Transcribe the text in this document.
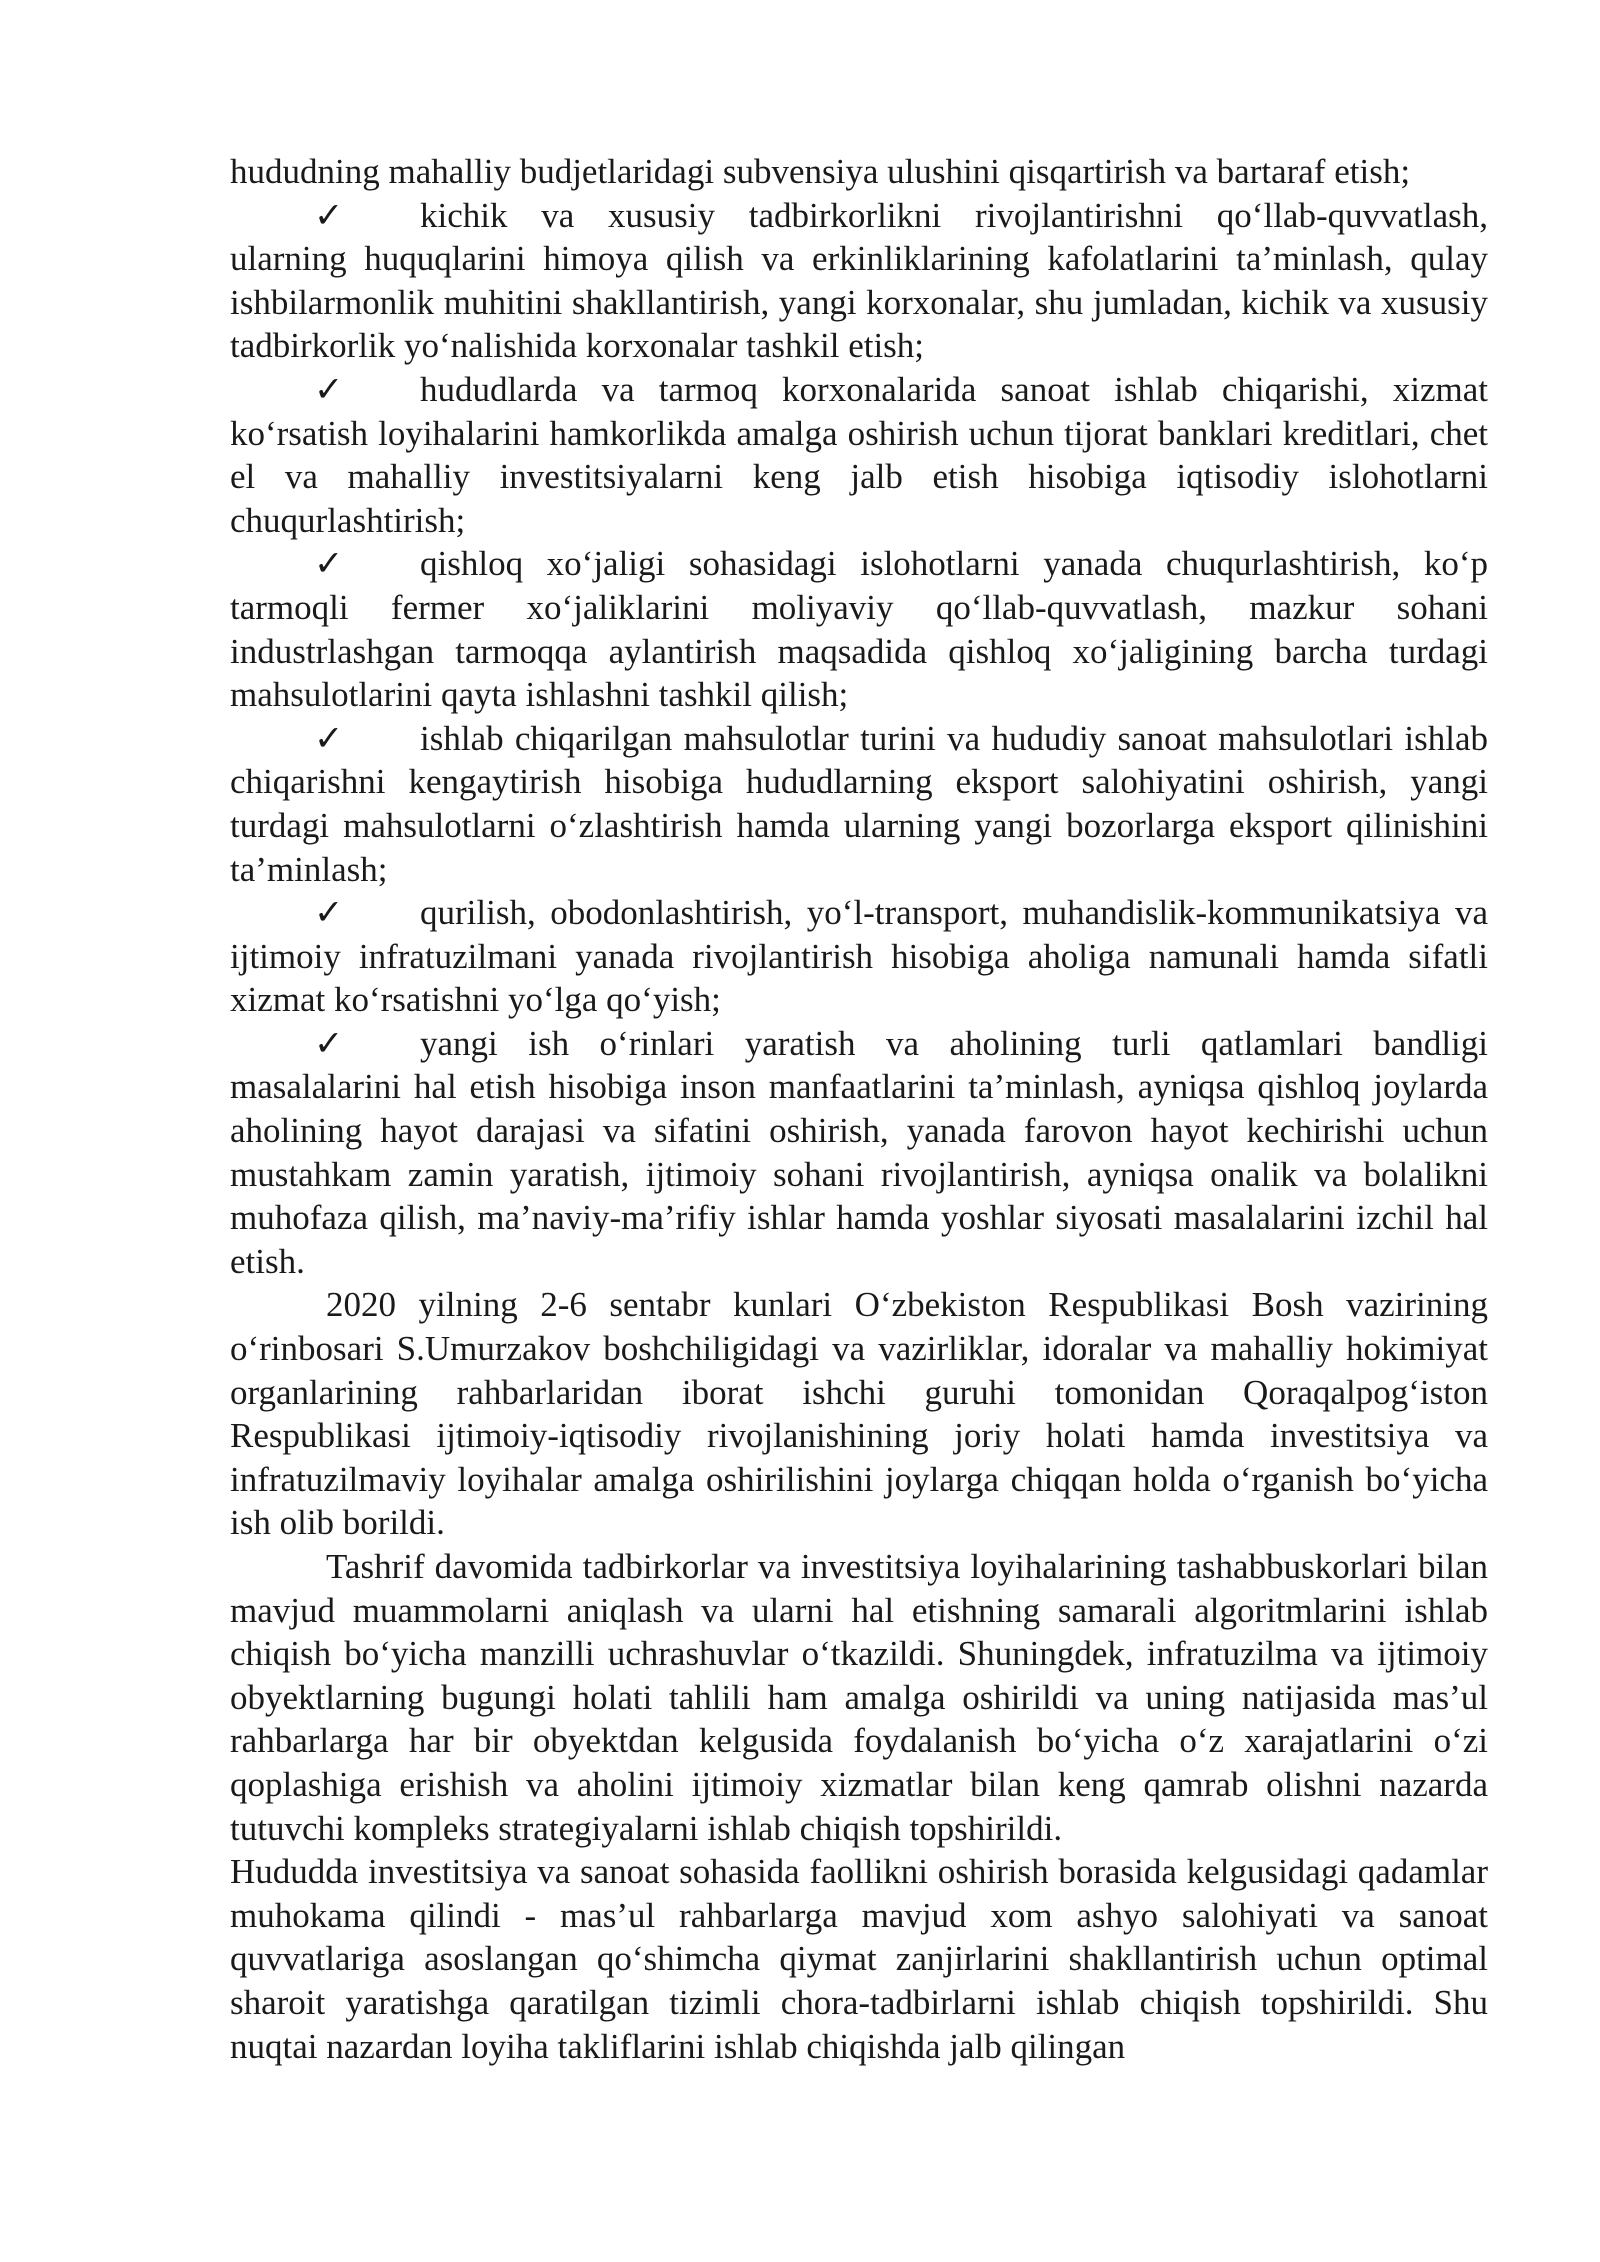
hududning mahalliy budjetlaridagi subvensiya ulushini qisqartirish va bartaraf etish;

✓ kichik va xususiy tadbirkorlikni rivojlantirishni qo‘llab-quvvatlash, ularning huquqlarini himoya qilish va erkinliklarining kafolatlarini ta’minlash, qulay ishbilarmonlik muhitini shakllantirish, yangi korxonalar, shu jumladan, kichik va xususiy tadbirkorlik yo‘nalishida korxonalar tashkil etish;

✓ hududlarda va tarmoq korxonalarida sanoat ishlab chiqarishi, xizmat ko‘rsatish loyihalarini hamkorlikda amalga oshirish uchun tijorat banklari kreditlari, chet el va mahalliy investitsiyalarni keng jalb etish hisobiga iqtisodiy islohotlarni chuqurlashtirish;

✓ qishloq xo‘jaligi sohasidagi islohotlarni yanada chuqurlashtirish, ko‘p tarmoqli fermer xo‘jaliklarini moliyaviy qo‘llab-quvvatlash, mazkur sohani industrlashgan tarmoqqa aylantirish maqsadida qishloq xo‘jaligining barcha turdagi mahsulotlarini qayta ishlashni tashkil qilish;

✓ ishlab chiqarilgan mahsulotlar turini va hududiy sanoat mahsulotlari ishlab chiqarishni kengaytirish hisobiga hududlarning eksport salohiyatini oshirish, yangi turdagi mahsulotlarni o‘zlashtirish hamda ularning yangi bozorlarga eksport qilinishini ta’minlash;

✓ qurilish, obodonlashtirish, yo‘l-transport, muhandislik-kommunikatsiya va ijtimoiy infratuzilmani yanada rivojlantirish hisobiga aholiga namunali hamda sifatli xizmat ko‘rsatishni yo‘lga qo‘yish;

✓ yangi ish o‘rinlari yaratish va aholining turli qatlamlari bandligi masalalarini hal etish hisobiga inson manfaatlarini ta’minlash, ayniqsa qishloq joylarda aholining hayot darajasi va sifatini oshirish, yanada farovon hayot kechirishi uchun mustahkam zamin yaratish, ijtimoiy sohani rivojlantirish, ayniqsa onalik va bolalikni muhofaza qilish, ma’naviy-ma’rifiy ishlar hamda yoshlar siyosati masalalarini izchil hal etish.

2020 yilning 2-6 sentabr kunlari O‘zbekiston Respublikasi Bosh vazirining o‘rinbosari S.Umurzakov boshchiligidagi va vazirliklar, idoralar va mahalliy hokimiyat organlarining rahbarlaridan iborat ishchi guruhi tomonidan Qoraqalpog‘iston Respublikasi ijtimoiy-iqtisodiy rivojlanishining joriy holati hamda investitsiya va infratuzilmaviy loyihalar amalga oshirilishini joylarga chiqqan holda o‘rganish bo‘yicha ish olib borildi.

Tashrif davomida tadbirkorlar va investitsiya loyihalarining tashabbuskorlari bilan mavjud muammolarni aniqlash va ularni hal etishning samarali algoritmlarini ishlab chiqish bo‘yicha manzilli uchrashuvlar o‘tkazildi. Shuningdek, infratuzilma va ijtimoiy obyektlarning bugungi holati tahlili ham amalga oshirildi va uning natijasida mas’ul rahbarlarga har bir obyektdan kelgusida foydalanish bo‘yicha o‘z xarajatlarini o‘zi qoplashiga erishish va aholini ijtimoiy xizmatlar bilan keng qamrab olishni nazarda tutuvchi kompleks strategiyalarni ishlab chiqish topshirildi.

Hududda investitsiya va sanoat sohasida faollikni oshirish borasida kelgusidagi qadamlar muhokama qilindi - mas’ul rahbarlarga mavjud xom ashyo salohiyati va sanoat quvvatlariga asoslangan qo‘shimcha qiymat zanjirlarini shakllantirish uchun optimal sharoit yaratishga qaratilgan tizimli chora-tadbirlarni ishlab chiqish topshirildi. Shu nuqtai nazardan loyiha takliflarini ishlab chiqishda jalb qilingan
